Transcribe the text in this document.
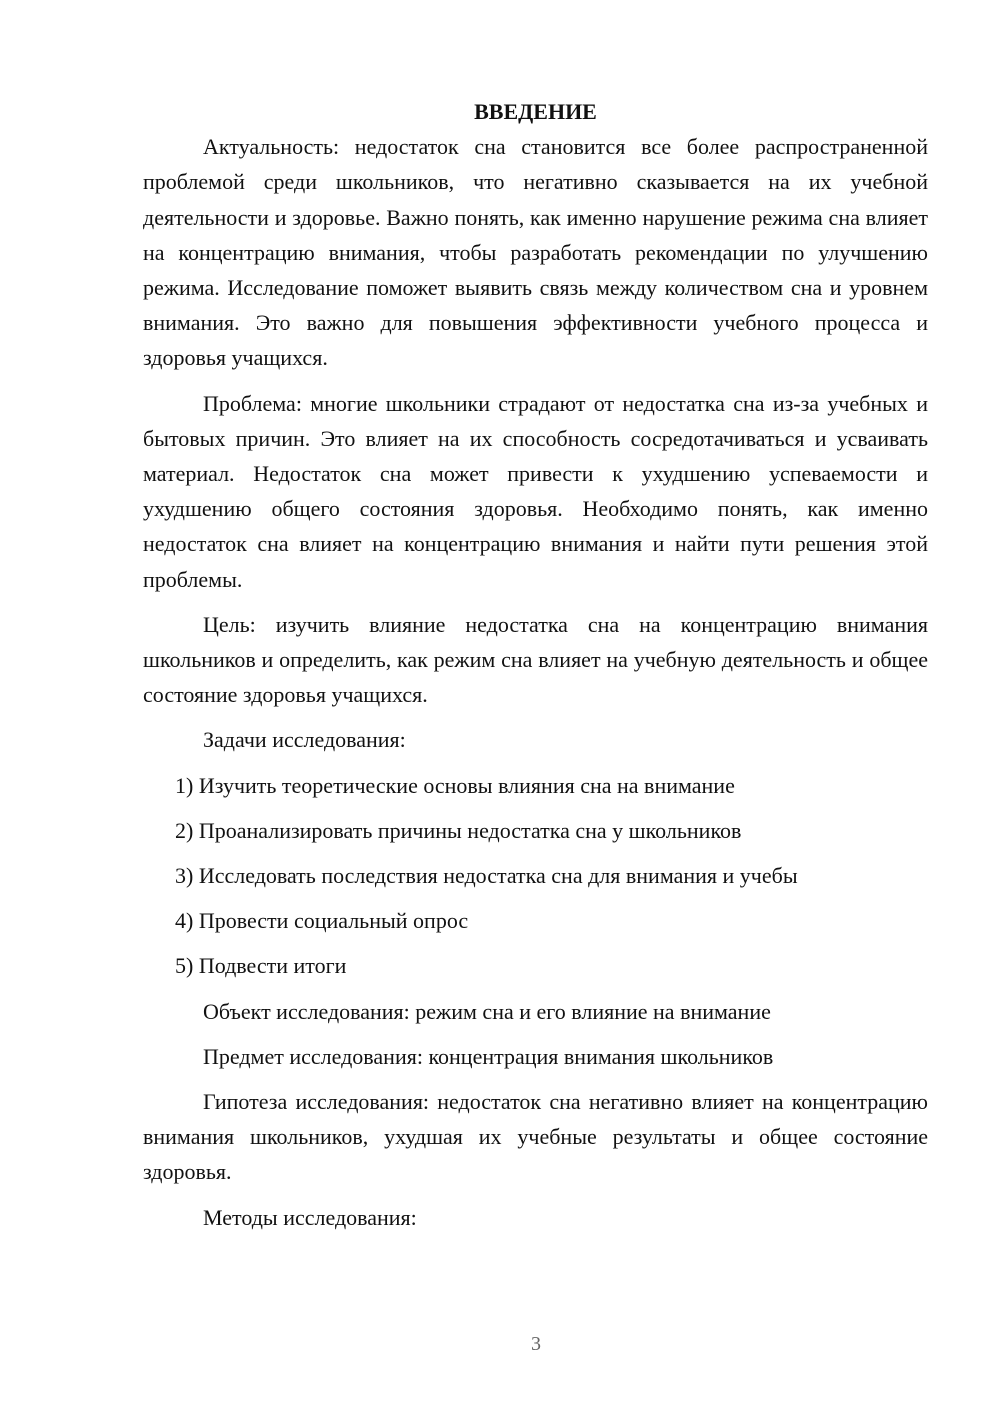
ВВЕДЕНИЕ

Актуальность: недостаток сна становится все более распространенной проблемой среди школьников, что негативно сказывается на их учебной деятельности и здоровье. Важно понять, как именно нарушение режима сна влияет на концентрацию внимания, чтобы разработать рекомендации по улучшению режима. Исследование поможет выявить связь между количеством сна и уровнем внимания. Это важно для повышения эффективности учебного процесса и здоровья учащихся.

Проблема: многие школьники страдают от недостатка сна из-за учебных и бытовых причин. Это влияет на их способность сосредотачиваться и усваивать материал. Недостаток сна может привести к ухудшению успеваемости и ухудшению общего состояния здоровья. Необходимо понять, как именно недостаток сна влияет на концентрацию внимания и найти пути решения этой проблемы.

Цель: изучить влияние недостатка сна на концентрацию внимания школьников и определить, как режим сна влияет на учебную деятельность и общее состояние здоровья учащихся.

Задачи исследования:

1) Изучить теоретические основы влияния сна на внимание
2) Проанализировать причины недостатка сна у школьников
3) Исследовать последствия недостатка сна для внимания и учебы
4) Провести социальный опрос
5) Подвести итоги

Объект исследования: режим сна и его влияние на внимание

Предмет исследования: концентрация внимания школьников

Гипотеза исследования: недостаток сна негативно влияет на концентрацию внимания школьников, ухудшая их учебные результаты и общее состояние здоровья.

Методы исследования:

3
